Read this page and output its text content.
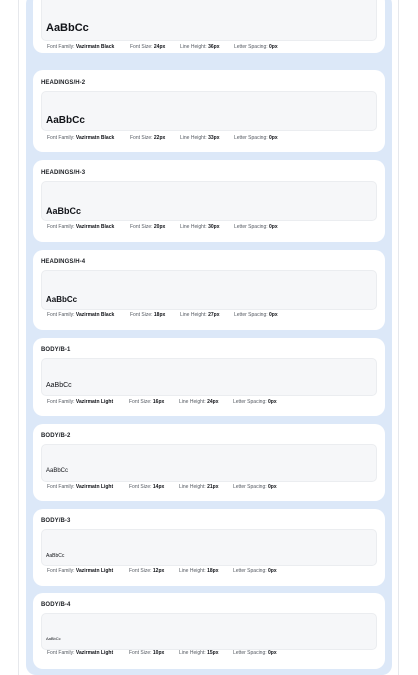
AaBbCc
Font Family: Vazirmatn Black	Font Size: 24px	Line Height: 36px	Letter Spacing: 0px
HEADINGS/H-2
AaBbCc
Font Family: Vazirmatn Black	Font Size: 22px	Line Height: 33px	Letter Spacing: 0px
HEADINGS/H-3
AaBbCc
Font Family: Vazirmatn Black	Font Size: 20px	Line Height: 30px	Letter Spacing: 0px
HEADINGS/H-4
AaBbCc
Font Family: Vazirmatn Black	Font Size: 18px	Line Height: 27px	Letter Spacing: 0px
BODY/B-1
AaBbCc
Font Family: Vazirmatn Light	Font Size: 16px	Line Height: 24px	Letter Spacing: 0px
BODY/B-2
AaBbCc
Font Family: Vazirmatn Light	Font Size: 14px	Line Height: 21px	Letter Spacing: 0px
BODY/B-3
AaBbCc
Font Family: Vazirmatn Light	Font Size: 12px	Line Height: 18px	Letter Spacing: 0px
BODY/B-4
AaBbCc
Font Family: Vazirmatn Light	Font Size: 10px	Line Height: 15px	Letter Spacing: 0px
